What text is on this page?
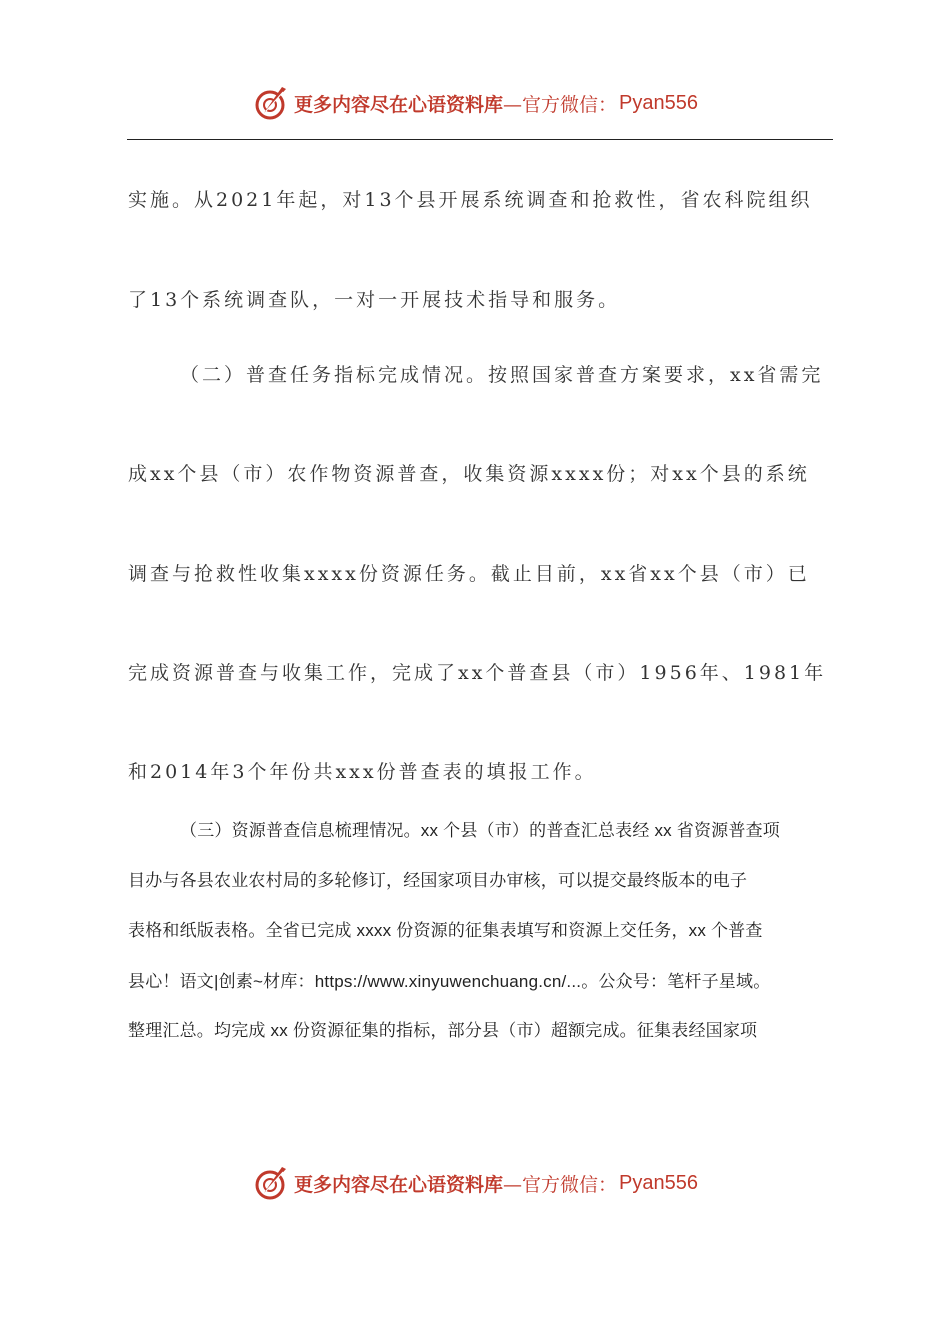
更多内容尽在心语资料库 —官方微信： Pyan556
实施。从2021年起，对13个县开展系统调查和抢救性，省农科院组织
了13个系统调查队，一对一开展技术指导和服务。
（二）普查任务指标完成情况。按照国家普查方案要求，xx省需完
成xx个县（市）农作物资源普查，收集资源xxxx份；对xx个县的系统
调查与抢救性收集xxxx份资源任务。截止目前，xx省xx个县（市）已
完成资源普查与收集工作，完成了xx个普查县（市）1956年、1981年
和2014年3个年份共xxx份普查表的填报工作。
（三）资源普查信息梳理情况。xx 个县（市）的普查汇总表经 xx 省资源普查项
目办与各县农业农村局的多轮修订，经国家项目办审核，可以提交最终版本的电子
表格和纸版表格。全省已完成 xxxx 份资源的征集表填写和资源上交任务，xx 个普查
县心！语文|创素~材库：https://www.xinyuwenchuang.cn/...。公众号：笔杆子星域。
整理汇总。均完成 xx 份资源征集的指标，部分县（市）超额完成。征集表经国家项
更多内容尽在心语资料库 —官方微信： Pyan556
